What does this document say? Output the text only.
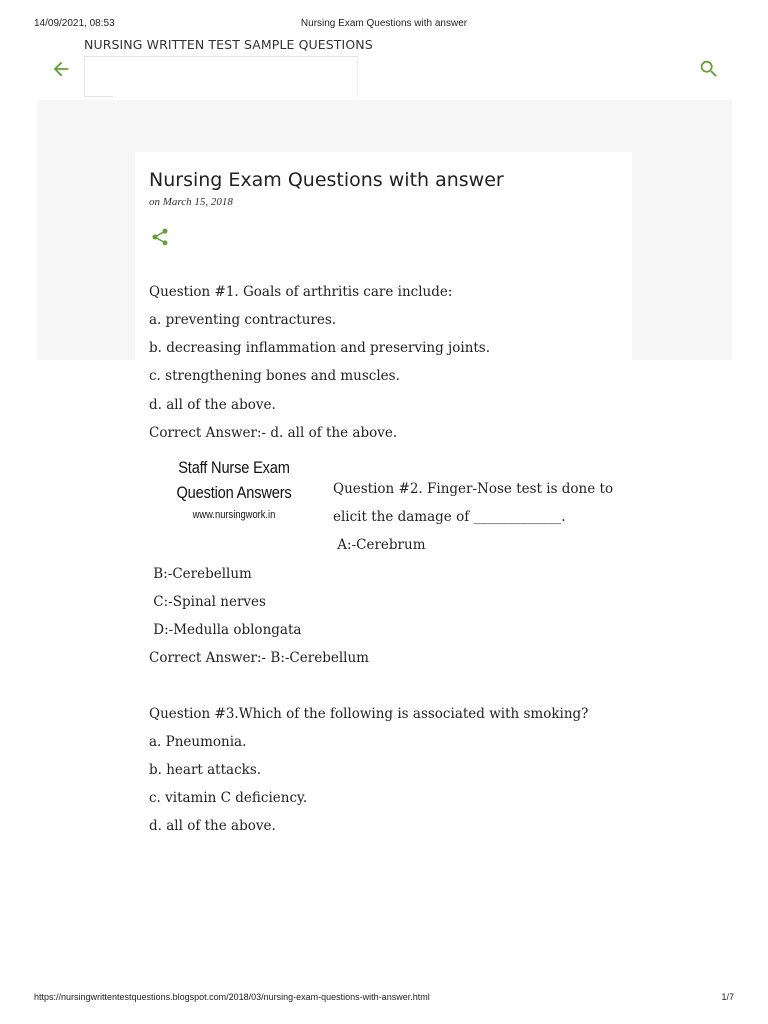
14/09/2021, 08:53	Nursing Exam Questions with answer
NURSING WRITTEN TEST SAMPLE QUESTIONS
Nursing Exam Questions with answer
on March 15, 2018

Question #1. Goals of arthritis care include:

a. preventing contractures.

b. decreasing inflammation and preserving joints.

c. strengthening bones and muscles.

d. all of the above.

Correct Answer:- d. all of the above.

Staff Nurse Exam
Question Answers
www.nursingwork.in

Question #2. Finger-Nose test is done to

elicit the damage of _____________.

A:-Cerebrum

B:-Cerebellum

C:-Spinal nerves

D:-Medulla oblongata

Correct Answer:- B:-Cerebellum

Question #3.Which of the following is associated with smoking?

a. Pneumonia.

b. heart attacks.

c. vitamin C deficiency.

d. all of the above.

https://nursingwrittentestquestions.blogspot.com/2018/03/nursing-exam-questions-with-answer.html	1/7
